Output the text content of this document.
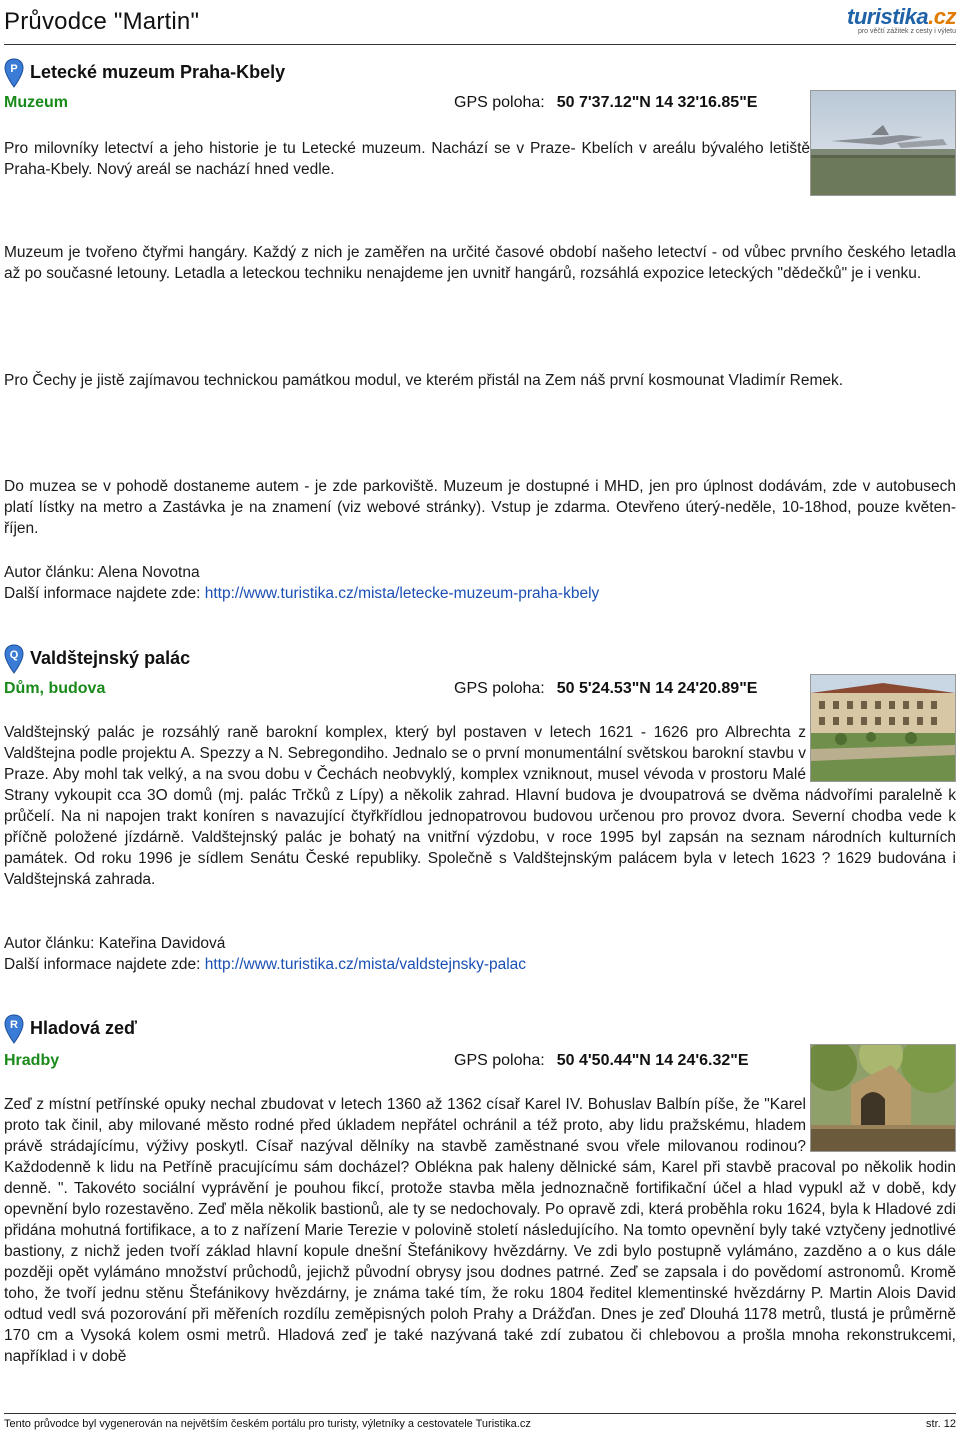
Průvodce "Martin"	turistika.cz
pro věčtí zážitek z cesty i výletu
P Letecké muzeum Praha-Kbely
Muzeum	GPS poloha: 50 7'37.12"N 14 32'16.85"E

Pro milovníky letectví a jeho historie je tu Letecké muzeum. Nachází se v Praze- Kbelích v areálu bývalého letiště Praha-Kbely. Nový areál se nachází hned vedle.

Muzeum je tvořeno čtyřmi hangáry. Každý z nich je zaměřen na určité časové období našeho letectví - od vůbec prvního českého letadla až po současné letouny. Letadla a leteckou techniku nenajdeme jen uvnitř hangárů, rozsáhlá expozice leteckých "dědečků" je i venku.

Pro Čechy je jistě zajímavou technickou památkou modul, ve kterém přistál na Zem náš první kosmounat Vladimír Remek.

Do muzea se v pohodě dostaneme autem - je zde parkoviště. Muzeum je dostupné i MHD, jen pro úplnost dodávám, zde v autobusech platí lístky na metro a Zastávka je na znamení (viz webové stránky). Vstup je zdarma. Otevřeno úterý-neděle, 10-18hod, pouze květen-říjen.

Autor článku: Alena Novotna
Další informace najdete zde: http://www.turistika.cz/mista/letecke-muzeum-praha-kbely
Q Valdštejnský palác
Dům, budova	GPS poloha: 50 5'24.53"N 14 24'20.89"E

Valdštejnský palác je rozsáhlý raně barokní komplex, který byl postaven v letech 1621 - 1626 pro Albrechta z Valdštejna podle projektu A. Spezzy a N. Sebregondiho. Jednalo se o první monumentální světskou barokní stavbu v Praze. Aby mohl tak velký, a na svou dobu v Čechách neobvyklý, komplex vzniknout, musel vévoda v prostoru Malé Strany vykoupit cca 3O domů (mj. palác Trčků z Lípy) a několik zahrad. Hlavní budova je dvoupatrová se dvěma nádvořími paralelně k průčelí. Na ni napojen trakt koníren s navazující čtyřkřídlou jednopatrovou budovou určenou pro provoz dvora. Severní chodba vede k příčně položené jízdárně. Valdštejnský palác je bohatý na vnitřní výzdobu, v roce 1995 byl zapsán na seznam národních kulturních památek. Od roku 1996 je sídlem Senátu České republiky. Společně s Valdštejnským palácem byla v letech 1623 ? 1629 budována i Valdštejnská zahrada.

Autor článku: Kateřina Davidová
Další informace najdete zde: http://www.turistika.cz/mista/valdstejnsky-palac
R Hladová zeď
Hradby	GPS poloha: 50 4'50.44"N 14 24'6.32"E

Zeď z místní petřínské opuky nechal zbudovat v letech 1360 až 1362 císař Karel IV. Bohuslav Balbín píše, že "Karel proto tak činil, aby milované město rodné před úkladem nepřátel ochránil a též proto, aby lidu pražskému, hladem právě strádajícímu, výživy poskytl. Císař nazýval dělníky na stavbě zaměstnané svou vřele milovanou rodinou? Každodenně k lidu na Petříně pracujícímu sám docházel? Oblékna pak haleny dělnické sám, Karel při stavbě pracoval po několik hodin denně. ". Takovéto sociální vyprávění je pouhou fikcí, protože stavba měla jednoznačně fortifikační účel a hlad vypukl až v době, kdy opevnění bylo rozestavěno. Zeď měla několik bastionů, ale ty se nedochovaly. Po opravě zdi, která proběhla roku 1624, byla k Hladové zdi přidána mohutná fortifikace, a to z nařízení Marie Terezie v polovině století následujícího. Na tomto opevnění byly také vztyčeny jednotlivé bastiony, z nichž jeden tvoří základ hlavní kopule dnešní Štefánikovy hvězdárny. Ve zdi bylo postupně vylámáno, zazděno a o kus dále později opět vylámáno množství průchodů, jejichž původní obrysy jsou dodnes patrné. Zeď se zapsala i do povědomí astronomů. Kromě toho, že tvoří jednu stěnu Štefánikovy hvězdárny, je známa také tím, že roku 1804 ředitel klementinské hvězdárny P. Martin Alois David odtud vedl svá pozorování při měřeních rozdílu zeměpisných poloh Prahy a Drážďan. Dnes je zeď Dlouhá 1178 metrů, tlustá je průměrně 170 cm a Vysoká kolem osmi metrů. Hladová zeď je také nazývaná také zdí zubatou či chlebovou a prošla mnoha rekonstrukcemi, například i v době

Tento průvodce byl vygenerován na největším českém portálu pro turisty, výletníky a cestovatele Turistika.cz	str. 12
